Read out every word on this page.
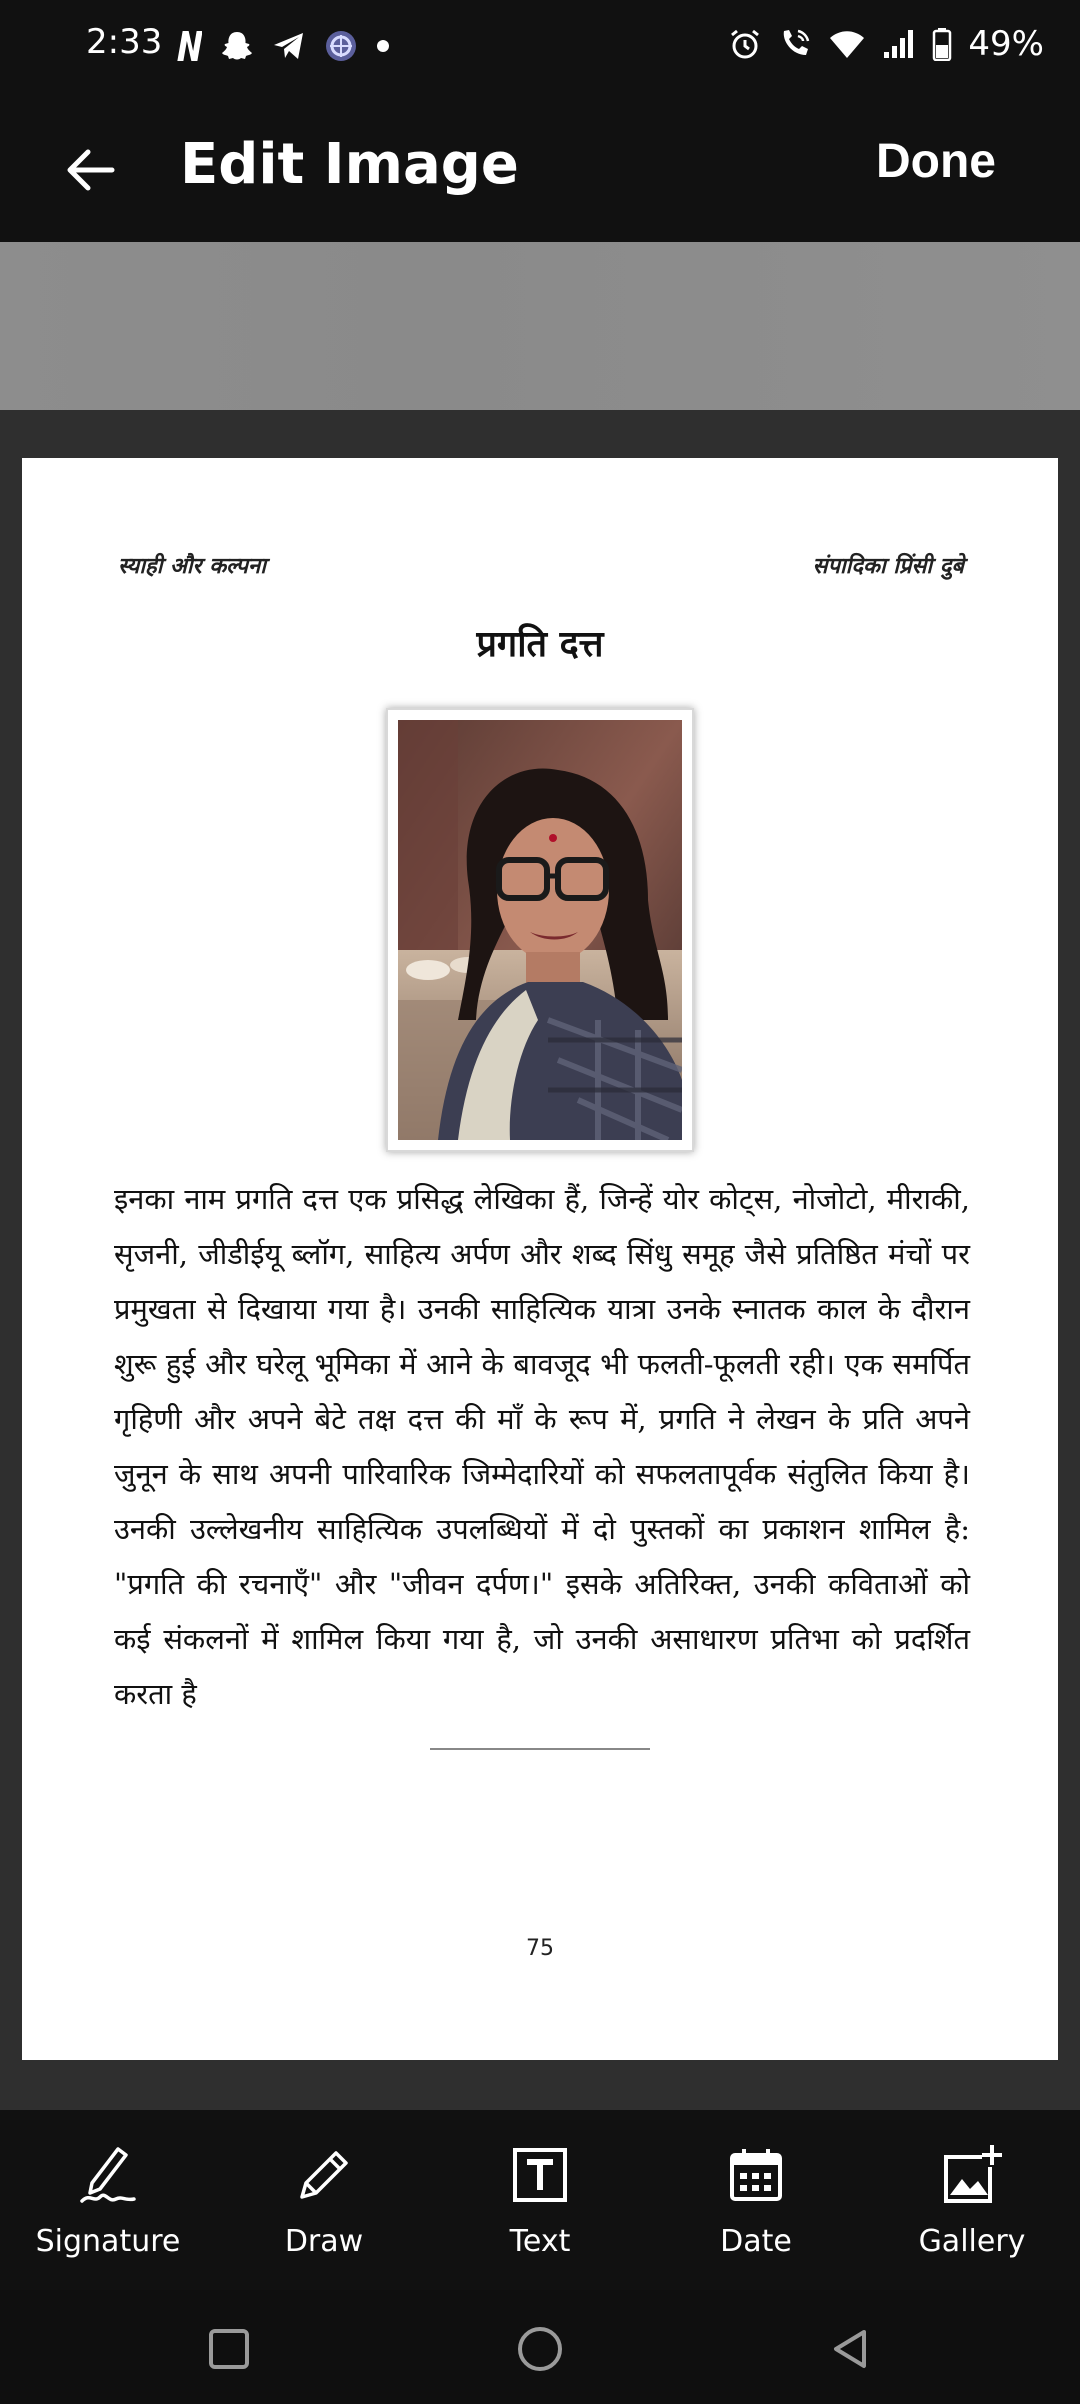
2:33	49%
Edit Image	Done
स्याही और कल्पना	संपादिका प्रिंसी दुबे
प्रगति दत्त
इनका नाम प्रगति दत्त एक प्रसिद्ध लेखिका हैं, जिन्हें योर कोट्स, नोजोटो, मीराकी, सृजनी, जीडीईयू ब्लॉग, साहित्य अर्पण और शब्द सिंधु समूह जैसे प्रतिष्ठित मंचों पर प्रमुखता से दिखाया गया है। उनकी साहित्यिक यात्रा उनके स्नातक काल के दौरान शुरू हुई और घरेलू भूमिका में आने के बावजूद भी फलती-फूलती रही। एक समर्पित गृहिणी और अपने बेटे तक्ष दत्त की माँ के रूप में, प्रगति ने लेखन के प्रति अपने जुनून के साथ अपनी पारिवारिक जिम्मेदारियों को सफलतापूर्वक संतुलित किया है। उनकी उल्लेखनीय साहित्यिक उपलब्धियों में दो पुस्तकों का प्रकाशन शामिल है: "प्रगति की रचनाएँ" और "जीवन दर्पण।" इसके अतिरिक्त, उनकी कविताओं को कई संकलनों में शामिल किया गया है, जो उनकी असाधारण प्रतिभा को प्रदर्शित करता है
75
Signature	Draw	Text	Date	Gallery
